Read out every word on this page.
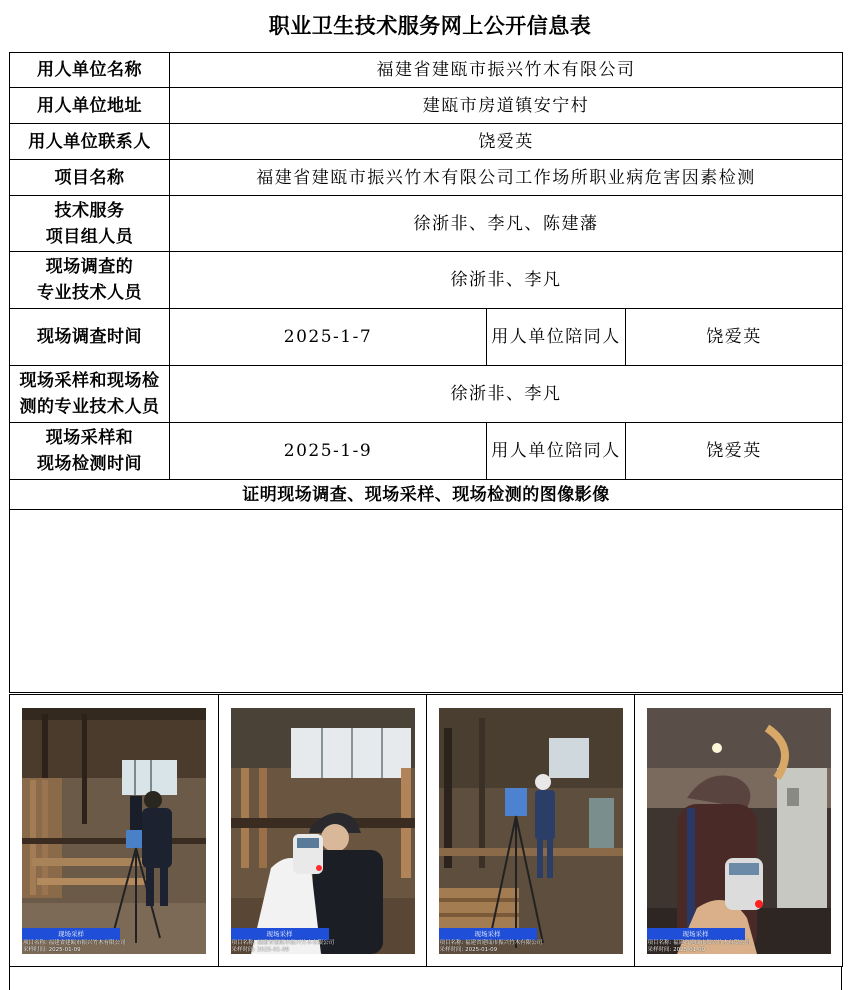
职业卫生技术服务网上公开信息表
用人单位名称	福建省建瓯市振兴竹木有限公司		
用人单位地址	建瓯市房道镇安宁村		
用人单位联系人	饶爱英		
项目名称	福建省建瓯市振兴竹木有限公司工作场所职业病危害因素检测		

技术服务
项目组人员	徐浙非、李凡、陈建藩		

现场调查的
专业技术人员	徐浙非、李凡		
现场调查时间	2025-1-7	用人单位陪同人	饶爱英

现场采样和现场检
测的专业技术人员	徐浙非、李凡		

现场采样和
现场检测时间	2025-1-9	用人单位陪同人	饶爱英
证明现场调查、现场采样、现场检测的图像影像			

现场采样
项目名称: 福建省建瓯市振兴竹木有限公司
采样时间: 2025-01-09

现场采样
项目名称: 福建省建瓯市振兴竹木有限公司
采样时间: 2025-01-09

现场采样
项目名称: 福建省建瓯市振兴竹木有限公司
采样时间: 2025-01-09

现场采样
项目名称: 福建省建瓯市振兴竹木有限公司
采样时间: 2025-01-09
